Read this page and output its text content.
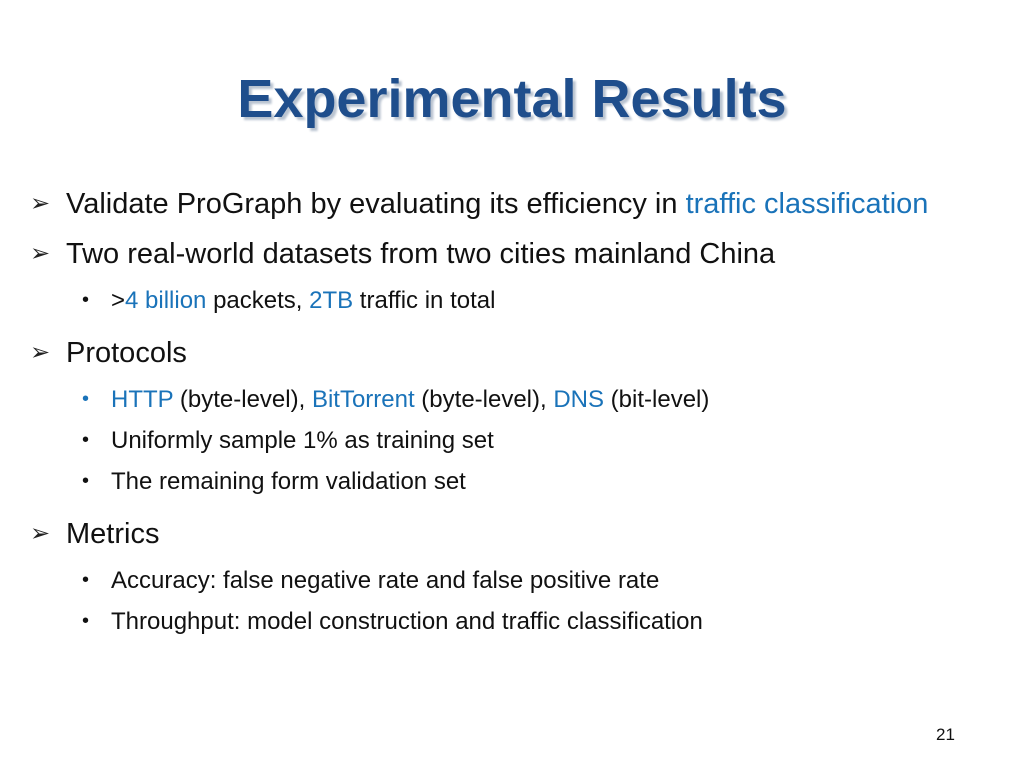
Experimental Results
➢ Validate ProGraph by evaluating its efficiency in traffic classification
➢ Two real-world datasets from two cities mainland China
• >4 billion packets, 2TB traffic in total
➢ Protocols
• HTTP (byte-level), BitTorrent (byte-level), DNS (bit-level)
• Uniformly sample 1% as training set
• The remaining form validation set
➢ Metrics
• Accuracy: false negative rate and false positive rate
• Throughput: model construction and traffic classification
21
